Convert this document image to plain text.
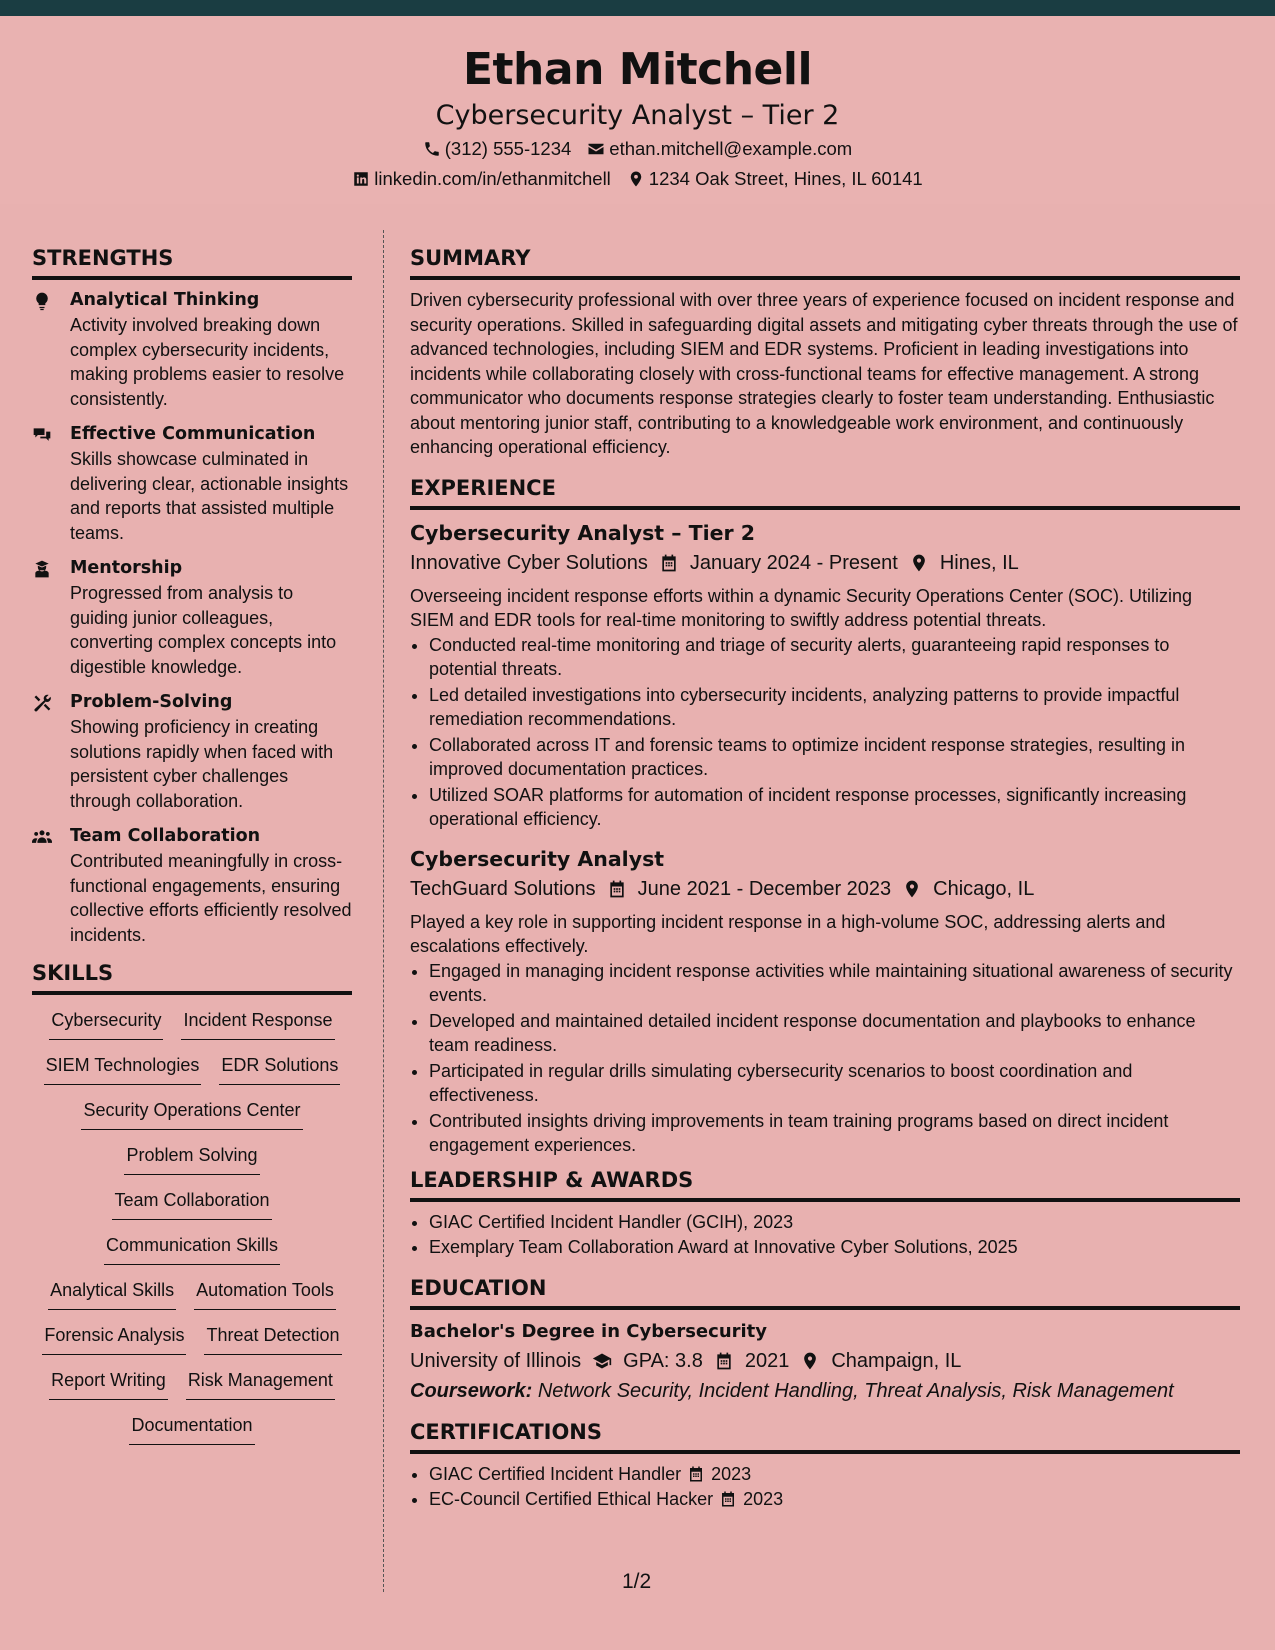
Ethan Mitchell
Cybersecurity Analyst – Tier 2
(312) 555-1234 ethan.mitchell@example.com
linkedin.com/in/ethanmitchell 1234 Oak Street, Hines, IL 60141
STRENGTHS
Analytical Thinking
Activity involved breaking down complex cybersecurity incidents, making problems easier to resolve consistently.
Effective Communication
Skills showcase culminated in delivering clear, actionable insights and reports that assisted multiple teams.
Mentorship
Progressed from analysis to guiding junior colleagues, converting complex concepts into digestible knowledge.
Problem-Solving
Showing proficiency in creating solutions rapidly when faced with persistent cyber challenges through collaboration.
Team Collaboration
Contributed meaningfully in cross-functional engagements, ensuring collective efforts efficiently resolved incidents.
SKILLS
Cybersecurity Incident Response
SIEM Technologies EDR Solutions
Security Operations Center
Problem Solving
Team Collaboration
Communication Skills
Analytical Skills Automation Tools
Forensic Analysis Threat Detection
Report Writing Risk Management
Documentation
SUMMARY
Driven cybersecurity professional with over three years of experience focused on incident response and security operations. Skilled in safeguarding digital assets and mitigating cyber threats through the use of advanced technologies, including SIEM and EDR systems. Proficient in leading investigations into incidents while collaborating closely with cross-functional teams for effective management. A strong communicator who documents response strategies clearly to foster team understanding. Enthusiastic about mentoring junior staff, contributing to a knowledgeable work environment, and continuously enhancing operational efficiency.
EXPERIENCE
Cybersecurity Analyst – Tier 2
Innovative Cyber Solutions January 2024 - Present Hines, IL
Overseeing incident response efforts within a dynamic Security Operations Center (SOC). Utilizing SIEM and EDR tools for real-time monitoring to swiftly address potential threats.
• Conducted real-time monitoring and triage of security alerts, guaranteeing rapid responses to potential threats.
• Led detailed investigations into cybersecurity incidents, analyzing patterns to provide impactful remediation recommendations.
• Collaborated across IT and forensic teams to optimize incident response strategies, resulting in improved documentation practices.
• Utilized SOAR platforms for automation of incident response processes, significantly increasing operational efficiency.
Cybersecurity Analyst
TechGuard Solutions June 2021 - December 2023 Chicago, IL
Played a key role in supporting incident response in a high-volume SOC, addressing alerts and escalations effectively.
• Engaged in managing incident response activities while maintaining situational awareness of security events.
• Developed and maintained detailed incident response documentation and playbooks to enhance team readiness.
• Participated in regular drills simulating cybersecurity scenarios to boost coordination and effectiveness.
• Contributed insights driving improvements in team training programs based on direct incident engagement experiences.
LEADERSHIP & AWARDS
• GIAC Certified Incident Handler (GCIH), 2023
• Exemplary Team Collaboration Award at Innovative Cyber Solutions, 2025
EDUCATION
Bachelor's Degree in Cybersecurity
University of Illinois GPA: 3.8 2021 Champaign, IL
Coursework: Network Security, Incident Handling, Threat Analysis, Risk Management
CERTIFICATIONS
• GIAC Certified Incident Handler 2023
• EC-Council Certified Ethical Hacker 2023
1/2
